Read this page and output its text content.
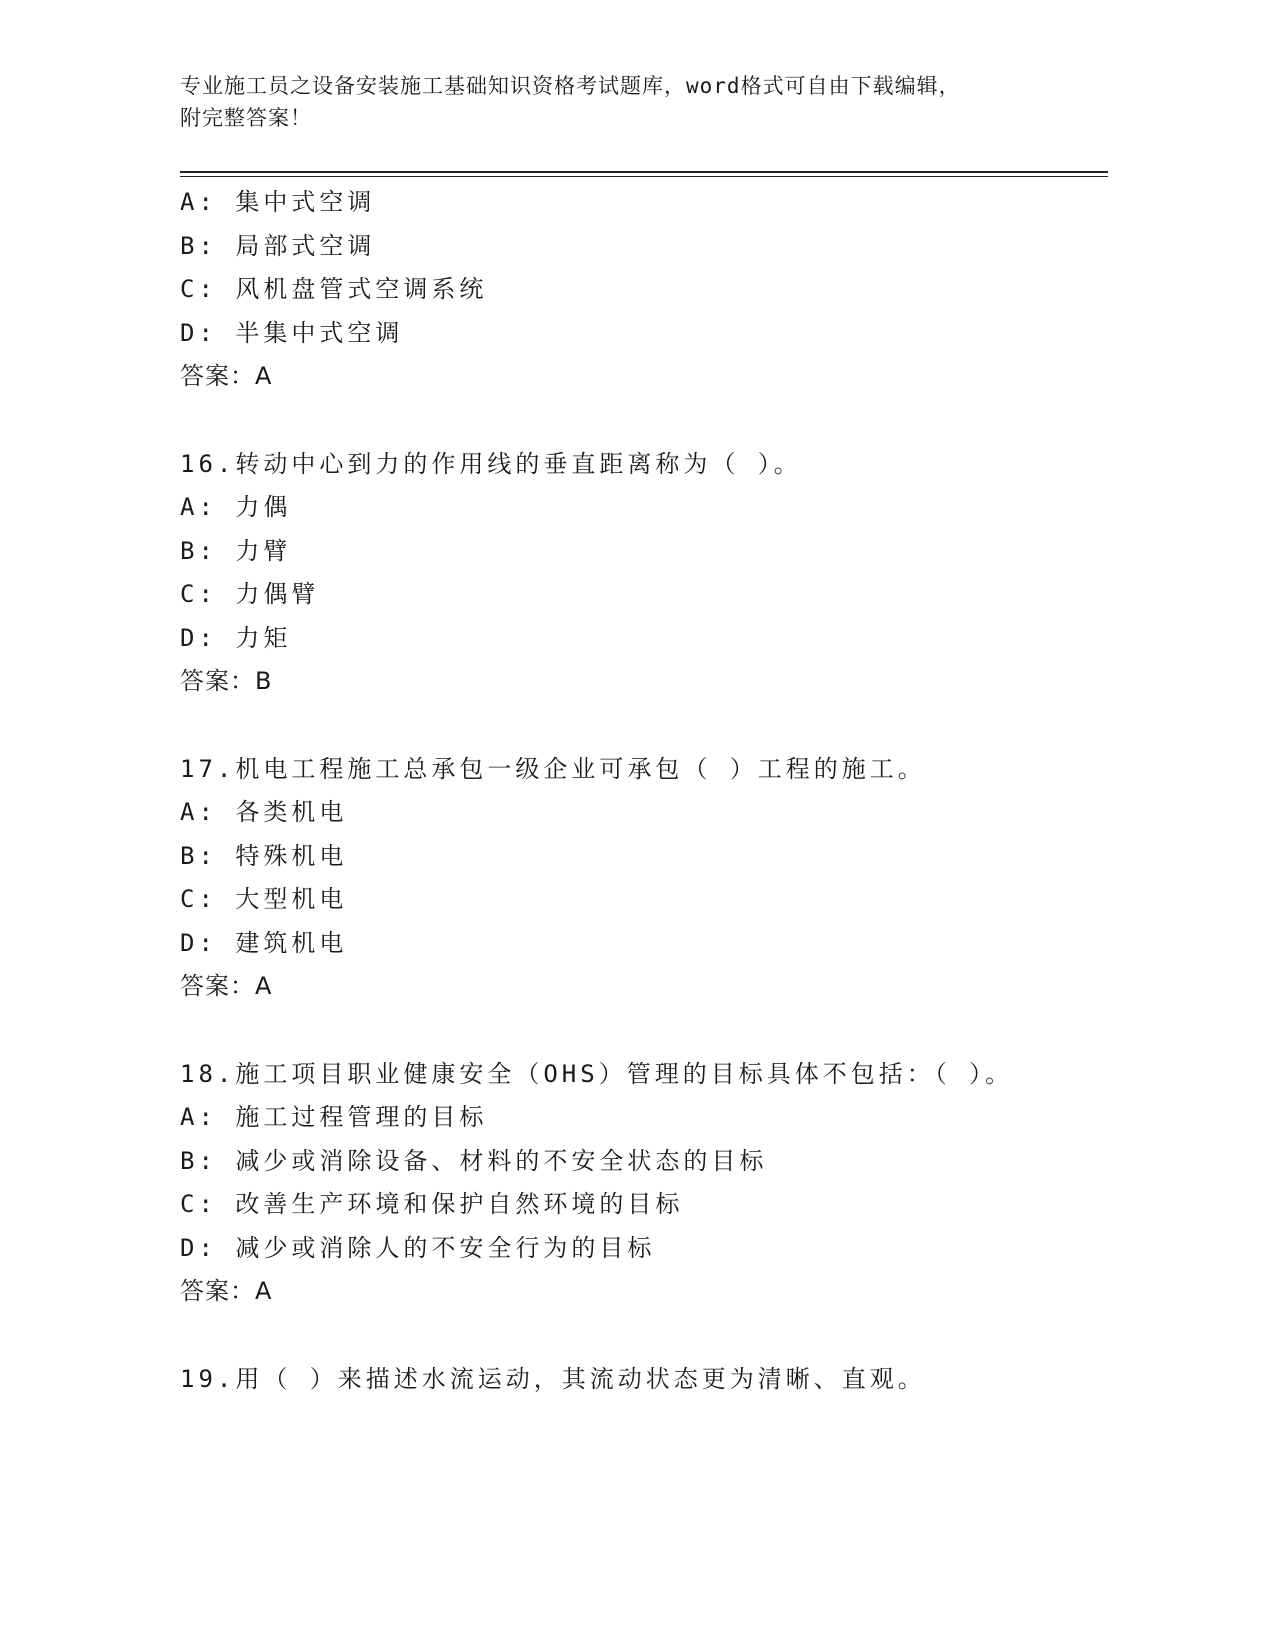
专业施工员之设备安装施工基础知识资格考试题库，word格式可自由下载编辑，
附完整答案！
A: 集中式空调
B: 局部式空调
C: 风机盘管式空调系统
D: 半集中式空调
答案：A
16.转动中心到力的作用线的垂直距离称为（ ）。
A: 力偶
B: 力臂
C: 力偶臂
D: 力矩
答案：B
17.机电工程施工总承包一级企业可承包（ ）工程的施工。
A: 各类机电
B: 特殊机电
C: 大型机电
D: 建筑机电
答案：A
18.施工项目职业健康安全（OHS）管理的目标具体不包括：（ ）。
A: 施工过程管理的目标
B: 减少或消除设备、材料的不安全状态的目标
C: 改善生产环境和保护自然环境的目标
D: 减少或消除人的不安全行为的目标
答案：A
19.用（ ）来描述水流运动，其流动状态更为清晰、直观。
